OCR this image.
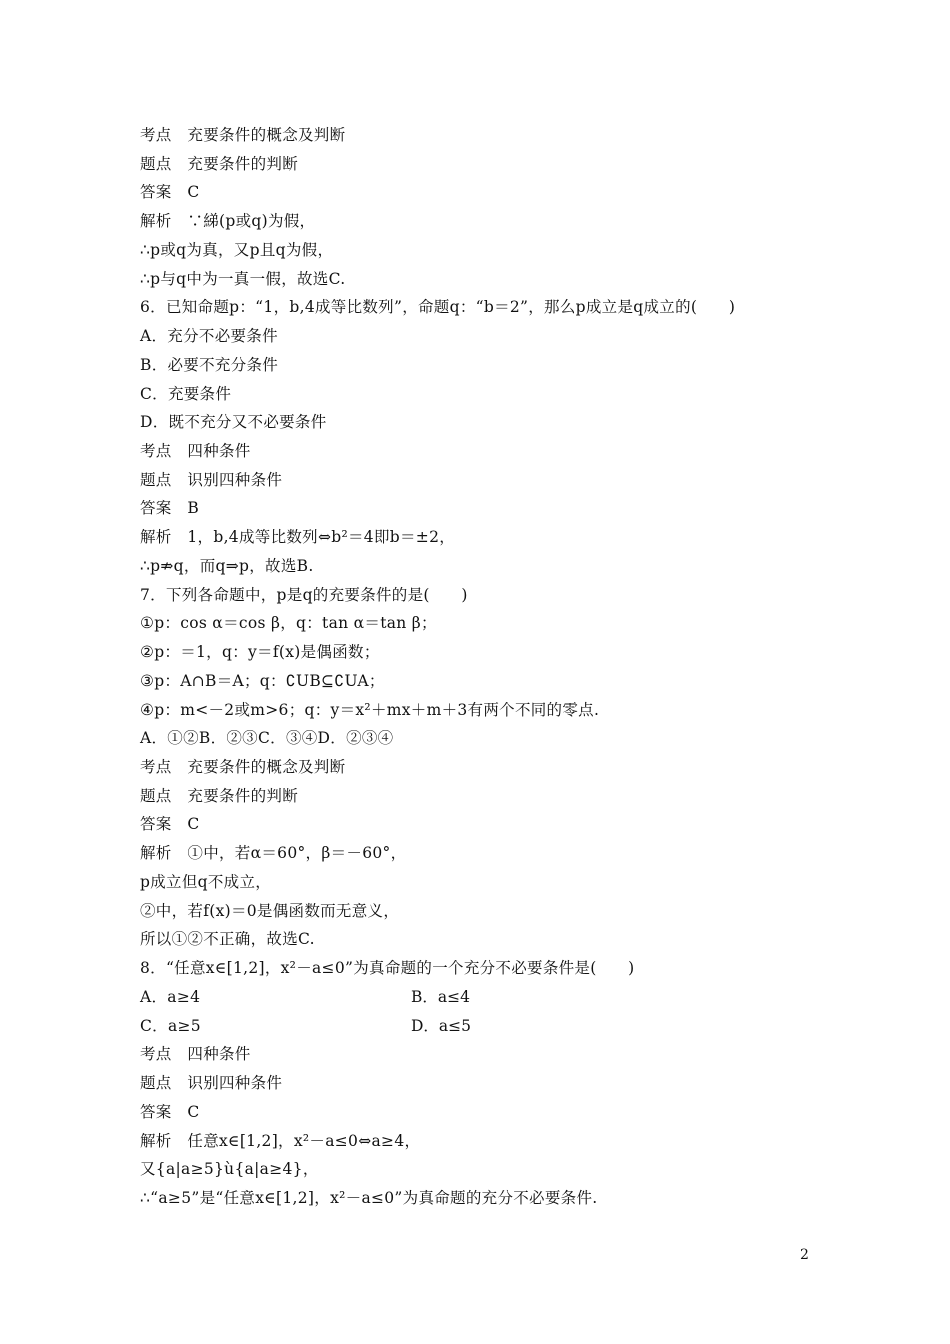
考点　充要条件的概念及判断
题点　充要条件的判断
答案　C
解析　∵綈(p或q)为假，
∴p或q为真，又p且q为假，
∴p与q中为一真一假，故选C.
6．已知命题p：“1，b,4成等比数列”，命题q：“b＝2”，那么p成立是q成立的(　　)
A．充分不必要条件
B．必要不充分条件
C．充要条件
D．既不充分又不必要条件
考点　四种条件
题点　识别四种条件
答案　B
解析　1，b,4成等比数列⇔b²＝4即b＝±2，
∴p⇏q，而q⇒p，故选B.
7．下列各命题中，p是q的充要条件的是(　　)
①p：cos α＝cos β，q：tan α＝tan β；
②p：＝1，q：y＝f(x)是偶函数；
③p：A∩B＝A；q：∁UB⊆∁UA；
④p：m<－2或m>6；q：y＝x²＋mx＋m＋3有两个不同的零点.
A．①②B．②③C．③④D．②③④
考点　充要条件的概念及判断
题点　充要条件的判断
答案　C
解析　①中，若α＝60°，β＝－60°，
p成立但q不成立，
②中，若f(x)＝0是偶函数而无意义，
所以①②不正确，故选C.
8．“任意x∈[1,2]，x²－a≤0”为真命题的一个充分不必要条件是(　　)
A．a≥4	B．a≤4
C．a≥5	D．a≤5
考点　四种条件
题点　识别四种条件
答案　C
解析　任意x∈[1,2]，x²－a≤0⇔a≥4，
又{a|a≥5}ù{a|a≥4}，
∴“a≥5”是“任意x∈[1,2]，x²－a≤0”为真命题的充分不必要条件.
2
